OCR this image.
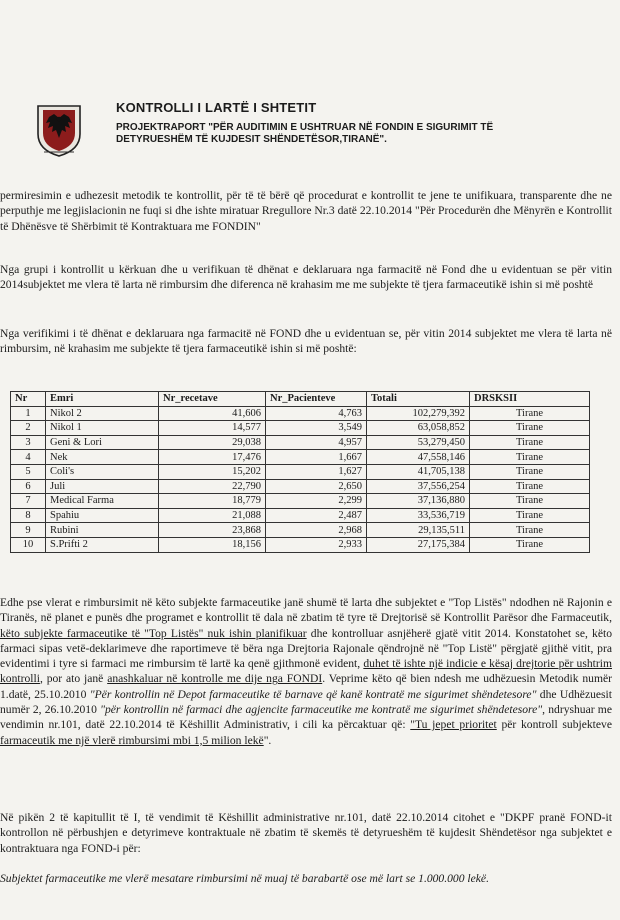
KONTROLLI I LARTË I SHTETIT
PROJEKTRAPORT "PËR AUDITIMIN E USHTRUAR NË FONDIN E SIGURIMIT TË DETYRUESHËM TË KUJDESIT SHËNDETËSOR,TIRANË".

permiresimin e udhezesit metodik te kontrollit, për të të bërë që procedurat e kontrollit te jene te unifikuara, transparente dhe ne perputhje me legjislacionin ne fuqi si dhe ishte miratuar Rregullore Nr.3 datë 22.10.2014 "Për Procedurën dhe Mënyrën e Kontrollit të Dhënësve të Shërbimit të Kontraktuara me FONDIN"

Nga grupi i kontrollit u kërkuan dhe u verifikuan të dhënat e deklaruara nga farmacitë në Fond dhe u evidentuan se për vitin 2014subjektet me vlera të larta në rimbursim dhe diferenca në krahasim me me subjekte të tjera farmaceutikë ishin si më poshtë

Nga verifikimi i të dhënat e deklaruara nga farmacitë në FOND dhe u evidentuan se, për vitin 2014 subjektet me vlera të larta në rimbursim, në krahasim me subjekte të tjera farmaceutikë ishin si më poshtë:

Nr	Emri	Nr_recetave	Nr_Pacienteve	Totali	DRSKSII
1	Nikol 2	41,606	4,763	102,279,392	Tirane
2	Nikol 1	14,577	3,549	63,058,852	Tirane
3	Geni & Lori	29,038	4,957	53,279,450	Tirane
4	Nek	17,476	1,667	47,558,146	Tirane
5	Coli's	15,202	1,627	41,705,138	Tirane
6	Juli	22,790	2,650	37,556,254	Tirane
7	Medical Farma	18,779	2,299	37,136,880	Tirane
8	Spahiu	21,088	2,487	33,536,719	Tirane
9	Rubini	23,868	2,968	29,135,511	Tirane
10	S.Prifti 2	18,156	2,933	27,175,384	Tirane

Edhe pse vlerat e rimbursimit në këto subjekte farmaceutike janë shumë të larta dhe subjektet e "Top Listës" ndodhen në Rajonin e Tiranës, në planet e punës dhe programet e kontrollit të dala në zbatim të tyre të Drejtorisë së Kontrollit Parësor dhe Farmaceutik, këto subjekte farmaceutike të "Top Listës" nuk ishin planifikuar dhe kontrolluar asnjëherë gjatë vitit 2014. Konstatohet se, këto farmaci sipas vetë-deklarimeve dhe raportimeve të bëra nga Drejtoria Rajonale qëndrojnë në "Top Listë" përgjatë gjithë vitit, pra evidentimi i tyre si farmaci me rimbursim të lartë ka qenë gjithmonë evident, duhet të ishte një indicie e kësaj drejtorie për ushtrim kontrolli, por ato janë anashkaluar në kontrolle me dije nga FONDI. Veprime këto që bien ndesh me udhëzuesin Metodik numër 1.datë, 25.10.2010 "Për kontrollin në Depot farmaceutike të barnave që kanë kontratë me sigurimet shëndetesore" dhe Udhëzuesit numër 2, 26.10.2010 "për kontrollin në farmaci dhe agjencite farmaceutike me kontratë me sigurimet shëndetesore", ndryshuar me vendimin nr.101, datë 22.10.2014 të Këshillit Administrativ, i cili ka përcaktuar që: "Tu jepet prioritet për kontroll subjekteve farmaceutik me një vlerë rimbursimi mbi 1,5 milion lekë".

Në pikën 2 të kapitullit të I, të vendimit të Këshillit administrative nr.101, datë 22.10.2014 citohet e "DKPF pranë FOND-it kontrollon në përbushjen e detyrimeve kontraktuale në zbatim të skemës të detyrueshëm të kujdesit Shëndetësor nga subjektet e kontraktuara nga FOND-i për:

Subjektet farmaceutike me vlerë mesatare rimbursimi në muaj të barabartë ose më lart se 1.000.000 lekë.
